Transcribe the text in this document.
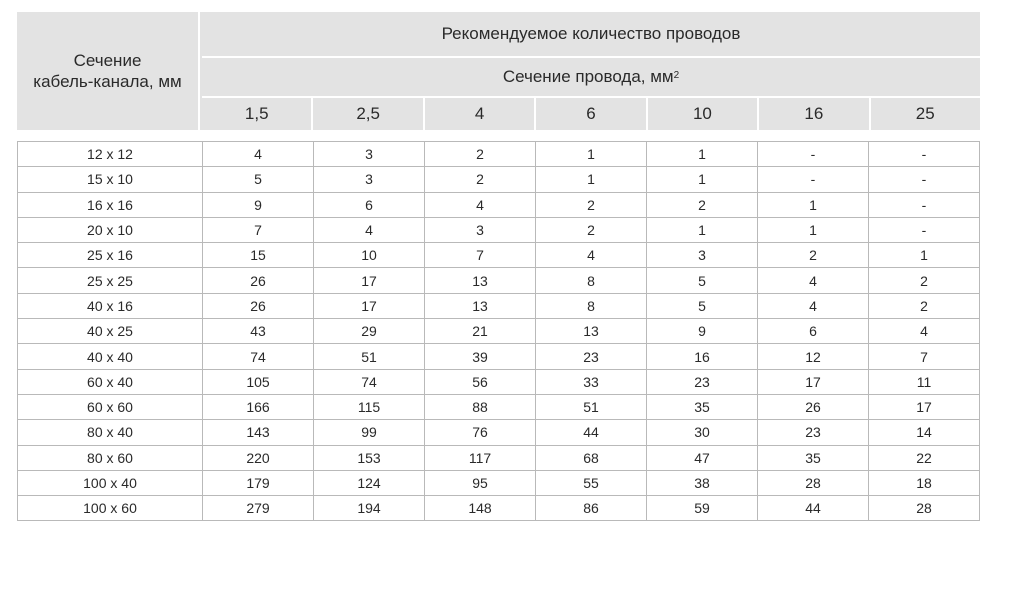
Сечение
кабель-канала, мм
Рекомендуемое количество проводов
Сечение провода, $мм^2$
1,5	2,5	4	6	10	16	25
12 x 12	4	3	2	1	1	-	-
15 x 10	5	3	2	1	1	-	-
16 x 16	9	6	4	2	2	1	-
20 x 10	7	4	3	2	1	1	-
25 x 16	15	10	7	4	3	2	1
25 x 25	26	17	13	8	5	4	2
40 x 16	26	17	13	8	5	4	2
40 x 25	43	29	21	13	9	6	4
40 x 40	74	51	39	23	16	12	7
60 x 40	105	74	56	33	23	17	11
60 x 60	166	115	88	51	35	26	17
80 x 40	143	99	76	44	30	23	14
80 x 60	220	153	117	68	47	35	22
100 x 40	179	124	95	55	38	28	18
100 x 60	279	194	148	86	59	44	28
